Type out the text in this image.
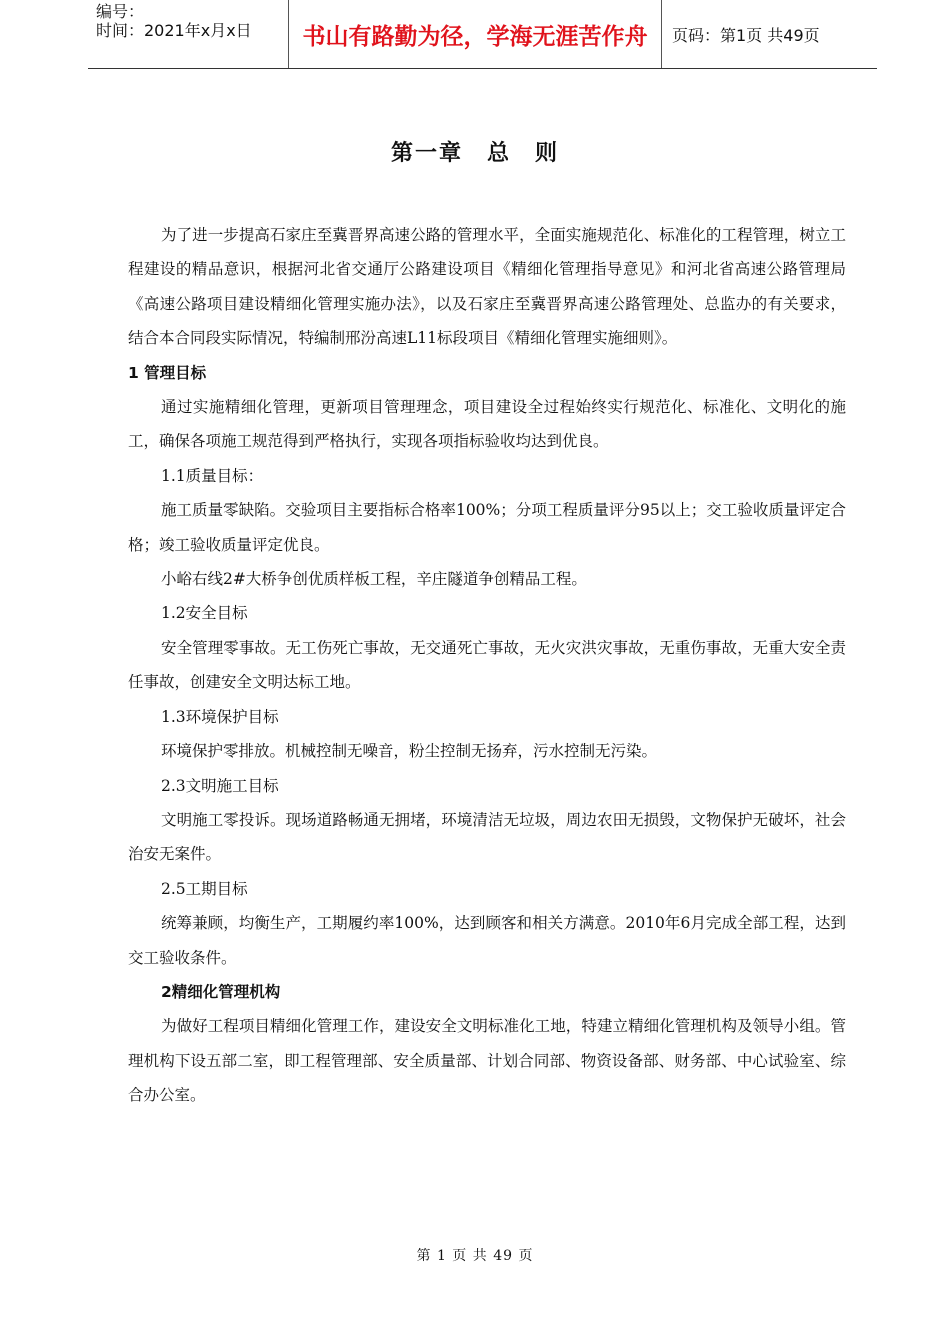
编号：
时间：2021年x月x日	书山有路勤为径，学海无涯苦作舟	页码：第1页 共49页
第一章　总　则

为了进一步提高石家庄至冀晋界高速公路的管理水平，全面实施规范化、标准化的工程管理，树立工程建设的精品意识，根据河北省交通厅公路建设项目《精细化管理指导意见》和河北省高速公路管理局《高速公路项目建设精细化管理实施办法》，以及石家庄至冀晋界高速公路管理处、总监办的有关要求，结合本合同段实际情况，特编制邢汾高速L11标段项目《精细化管理实施细则》。

1 管理目标

通过实施精细化管理，更新项目管理理念，项目建设全过程始终实行规范化、标准化、文明化的施工，确保各项施工规范得到严格执行，实现各项指标验收均达到优良。

1.1质量目标：

施工质量零缺陷。交验项目主要指标合格率100%；分项工程质量评分95以上；交工验收质量评定合格；竣工验收质量评定优良。

小峪右线2#大桥争创优质样板工程，辛庄隧道争创精品工程。

1.2安全目标

安全管理零事故。无工伤死亡事故，无交通死亡事故，无火灾洪灾事故，无重伤事故，无重大安全责任事故，创建安全文明达标工地。

1.3环境保护目标

环境保护零排放。机械控制无噪音，粉尘控制无扬弃，污水控制无污染。

2.3文明施工目标

文明施工零投诉。现场道路畅通无拥堵，环境清洁无垃圾，周边农田无损毁，文物保护无破坏，社会治安无案件。

2.5工期目标

统筹兼顾，均衡生产，工期履约率100%，达到顾客和相关方满意。2010年6月完成全部工程，达到交工验收条件。

2精细化管理机构

为做好工程项目精细化管理工作，建设安全文明标准化工地，特建立精细化管理机构及领导小组。管理机构下设五部二室，即工程管理部、安全质量部、计划合同部、物资设备部、财务部、中心试验室、综合办公室。

第 1 页 共 49 页
